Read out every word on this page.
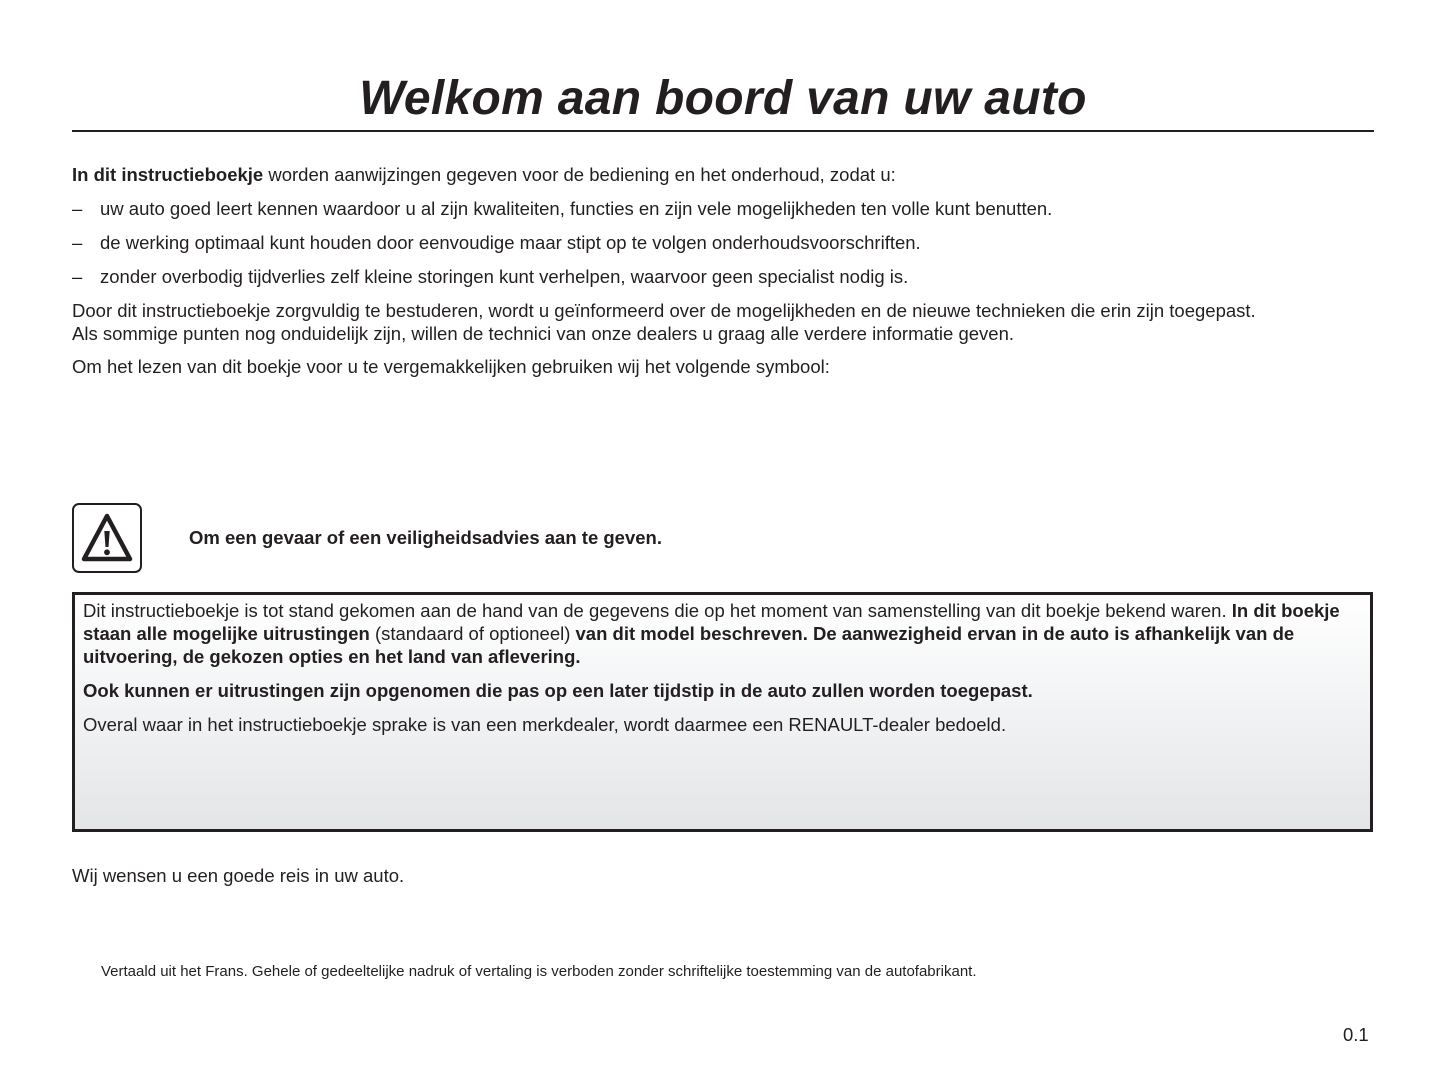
Welkom aan boord van uw auto

In dit instructieboekje worden aanwijzingen gegeven voor de bediening en het onderhoud, zodat u:

– uw auto goed leert kennen waardoor u al zijn kwaliteiten, functies en zijn vele mogelijkheden ten volle kunt benutten.
– de werking optimaal kunt houden door eenvoudige maar stipt op te volgen onderhoudsvoorschriften.
– zonder overbodig tijdverlies zelf kleine storingen kunt verhelpen, waarvoor geen specialist nodig is.

Door dit instructieboekje zorgvuldig te bestuderen, wordt u geïnformeerd over de mogelijkheden en de nieuwe technieken die erin zijn toegepast.
Als sommige punten nog onduidelijk zijn, willen de technici van onze dealers u graag alle verdere informatie geven.

Om het lezen van dit boekje voor u te vergemakkelijken gebruiken wij het volgende symbool:

Om een gevaar of een veiligheidsadvies aan te geven.

Dit instructieboekje is tot stand gekomen aan de hand van de gegevens die op het moment van samenstelling van dit boekje bekend waren. In dit boekje staan alle mogelijke uitrustingen (standaard of optioneel) van dit model beschreven. De aanwezigheid ervan in de auto is afhankelijk van de uitvoering, de gekozen opties en het land van aflevering.

Ook kunnen er uitrustingen zijn opgenomen die pas op een later tijdstip in de auto zullen worden toegepast.

Overal waar in het instructieboekje sprake is van een merkdealer, wordt daarmee een RENAULT-dealer bedoeld.

Wij wensen u een goede reis in uw auto.

Vertaald uit het Frans. Gehele of gedeeltelijke nadruk of vertaling is verboden zonder schriftelijke toestemming van de autofabrikant.
0.1
